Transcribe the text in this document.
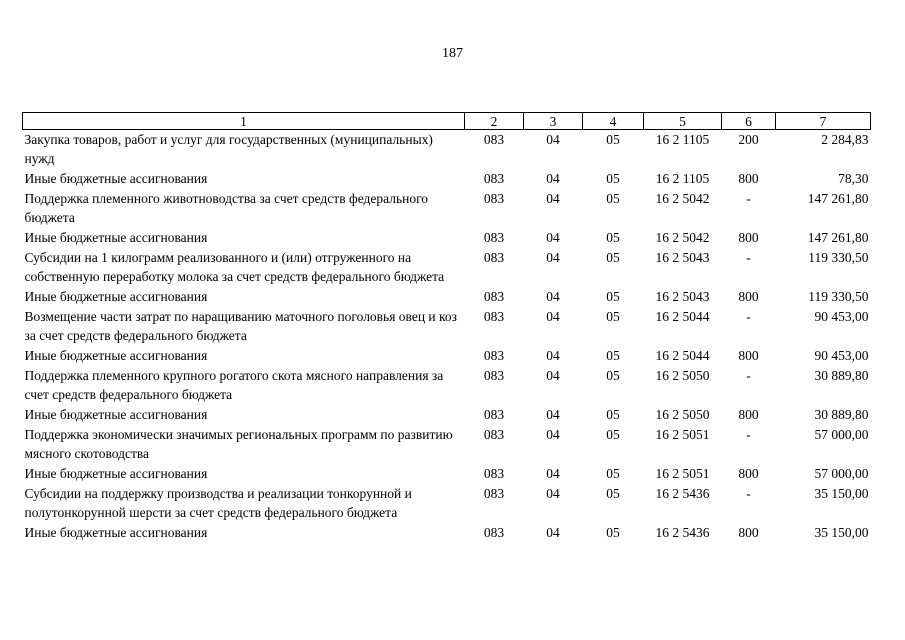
187
1	2	3	4	5	6	7
Закупка товаров, работ и услуг для государственных (муниципальных) нужд	083	04	05	16 2 1105	200	2 284,83
Иные бюджетные ассигнования	083	04	05	16 2 1105	800	78,30
Поддержка племенного животноводства за счет средств федерального бюджета	083	04	05	16 2 5042	-	147 261,80
Иные бюджетные ассигнования	083	04	05	16 2 5042	800	147 261,80
Субсидии на 1 килограмм реализованного и (или) отгруженного на собственную переработку молока за счет средств федерального бюджета	083	04	05	16 2 5043	-	119 330,50
Иные бюджетные ассигнования	083	04	05	16 2 5043	800	119 330,50
Возмещение части затрат по наращиванию маточного поголовья овец и коз за счет средств федерального бюджета	083	04	05	16 2 5044	-	90 453,00
Иные бюджетные ассигнования	083	04	05	16 2 5044	800	90 453,00
Поддержка племенного крупного рогатого скота мясного направления за счет средств федерального бюджета	083	04	05	16 2 5050	-	30 889,80
Иные бюджетные ассигнования	083	04	05	16 2 5050	800	30 889,80
Поддержка экономически значимых региональных программ по развитию мясного скотоводства	083	04	05	16 2 5051	-	57 000,00
Иные бюджетные ассигнования	083	04	05	16 2 5051	800	57 000,00
Субсидии на поддержку производства и реализации тонкорунной и полутонкорунной шерсти за счет средств федерального бюджета	083	04	05	16 2 5436	-	35 150,00
Иные бюджетные ассигнования	083	04	05	16 2 5436	800	35 150,00
